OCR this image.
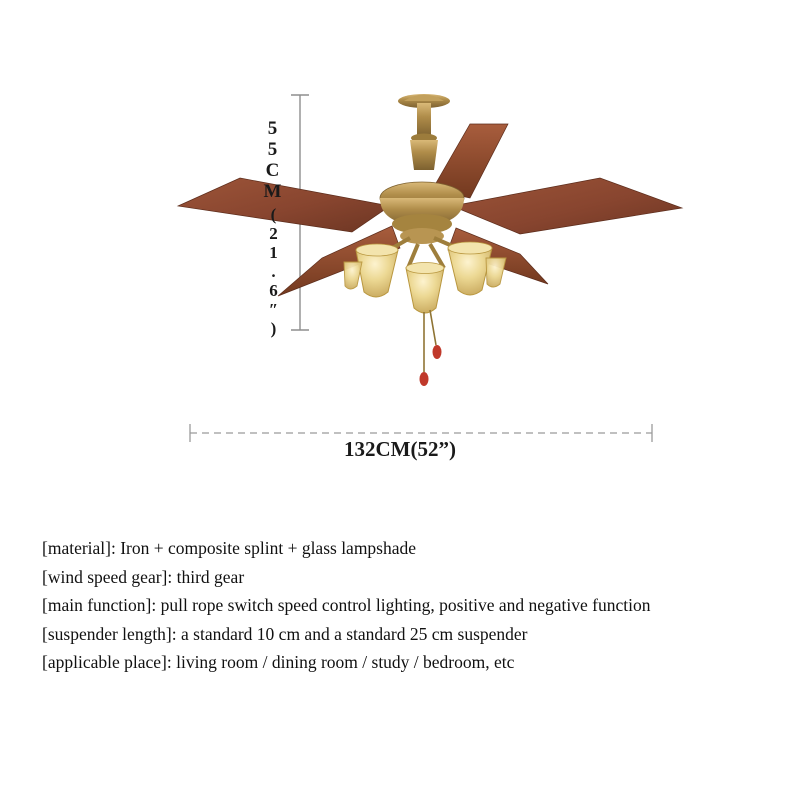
55CM
(21.6″)
132CM(52”)
[material]: Iron + composite splint + glass lampshade
[wind speed gear]: third gear
[main function]: pull rope switch speed control lighting, positive and negative function
[suspender length]: a standard 10 cm and a standard 25 cm suspender
[applicable place]: living room / dining room / study / bedroom, etc
